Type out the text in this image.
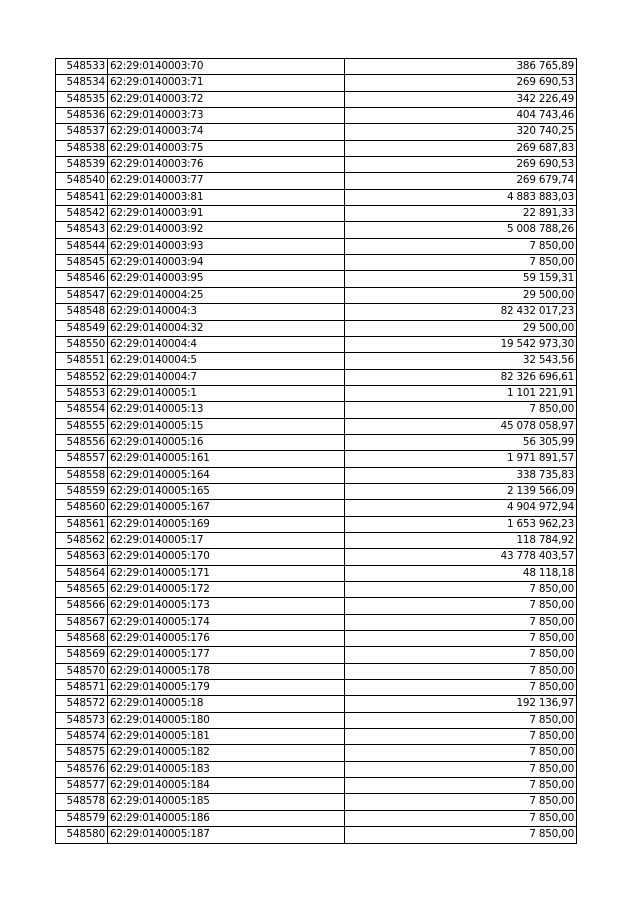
548533	62:29:0140003:70	386 765,89
548534	62:29:0140003:71	269 690,53
548535	62:29:0140003:72	342 226,49
548536	62:29:0140003:73	404 743,46
548537	62:29:0140003:74	320 740,25
548538	62:29:0140003:75	269 687,83
548539	62:29:0140003:76	269 690,53
548540	62:29:0140003:77	269 679,74
548541	62:29:0140003:81	4 883 883,03
548542	62:29:0140003:91	22 891,33
548543	62:29:0140003:92	5 008 788,26
548544	62:29:0140003:93	7 850,00
548545	62:29:0140003:94	7 850,00
548546	62:29:0140003:95	59 159,31
548547	62:29:0140004:25	29 500,00
548548	62:29:0140004:3	82 432 017,23
548549	62:29:0140004:32	29 500,00
548550	62:29:0140004:4	19 542 973,30
548551	62:29:0140004:5	32 543,56
548552	62:29:0140004:7	82 326 696,61
548553	62:29:0140005:1	1 101 221,91
548554	62:29:0140005:13	7 850,00
548555	62:29:0140005:15	45 078 058,97
548556	62:29:0140005:16	56 305,99
548557	62:29:0140005:161	1 971 891,57
548558	62:29:0140005:164	338 735,83
548559	62:29:0140005:165	2 139 566,09
548560	62:29:0140005:167	4 904 972,94
548561	62:29:0140005:169	1 653 962,23
548562	62:29:0140005:17	118 784,92
548563	62:29:0140005:170	43 778 403,57
548564	62:29:0140005:171	48 118,18
548565	62:29:0140005:172	7 850,00
548566	62:29:0140005:173	7 850,00
548567	62:29:0140005:174	7 850,00
548568	62:29:0140005:176	7 850,00
548569	62:29:0140005:177	7 850,00
548570	62:29:0140005:178	7 850,00
548571	62:29:0140005:179	7 850,00
548572	62:29:0140005:18	192 136,97
548573	62:29:0140005:180	7 850,00
548574	62:29:0140005:181	7 850,00
548575	62:29:0140005:182	7 850,00
548576	62:29:0140005:183	7 850,00
548577	62:29:0140005:184	7 850,00
548578	62:29:0140005:185	7 850,00
548579	62:29:0140005:186	7 850,00
548580	62:29:0140005:187	7 850,00
